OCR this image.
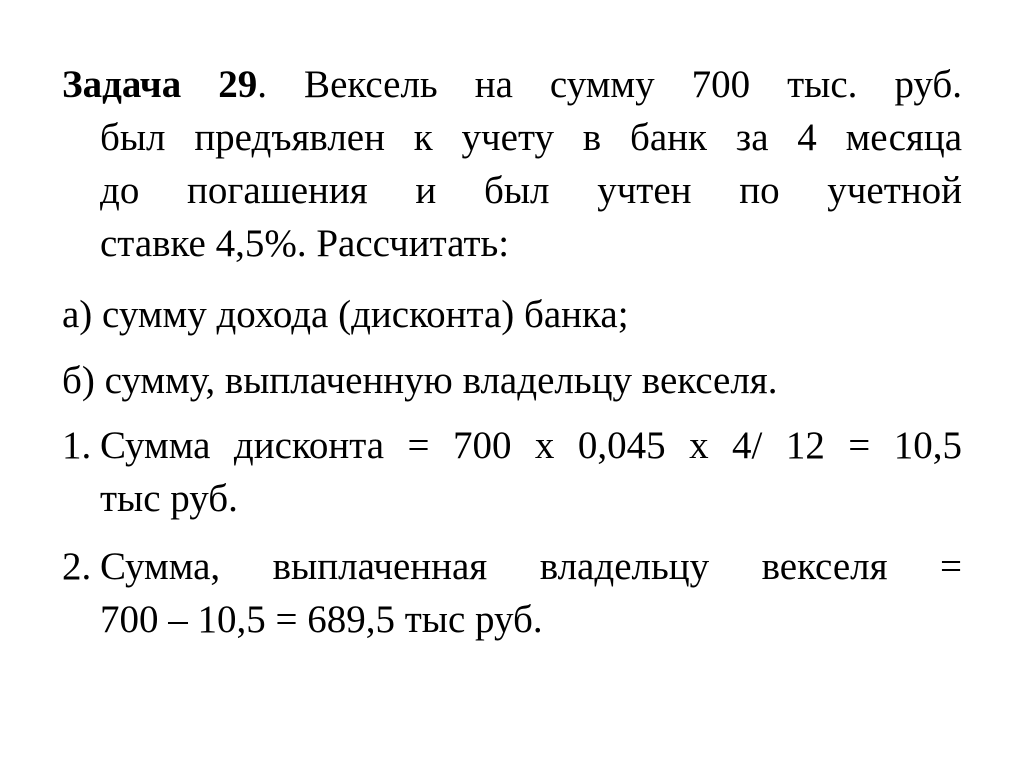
Задача 29. Вексель на сумму 700 тыс. руб.
был предъявлен к учету в банк за 4 месяца
до погашения и был учтен по учетной
ставке 4,5%. Рассчитать:
а) сумму дохода (дисконта) банка;
б) сумму, выплаченную владельцу векселя.
1. Сумма дисконта = 700 х 0,045 х 4/ 12 = 10,5
тыс руб.
2. Сумма, выплаченная владельцу векселя =
700 – 10,5 = 689,5 тыс руб.
